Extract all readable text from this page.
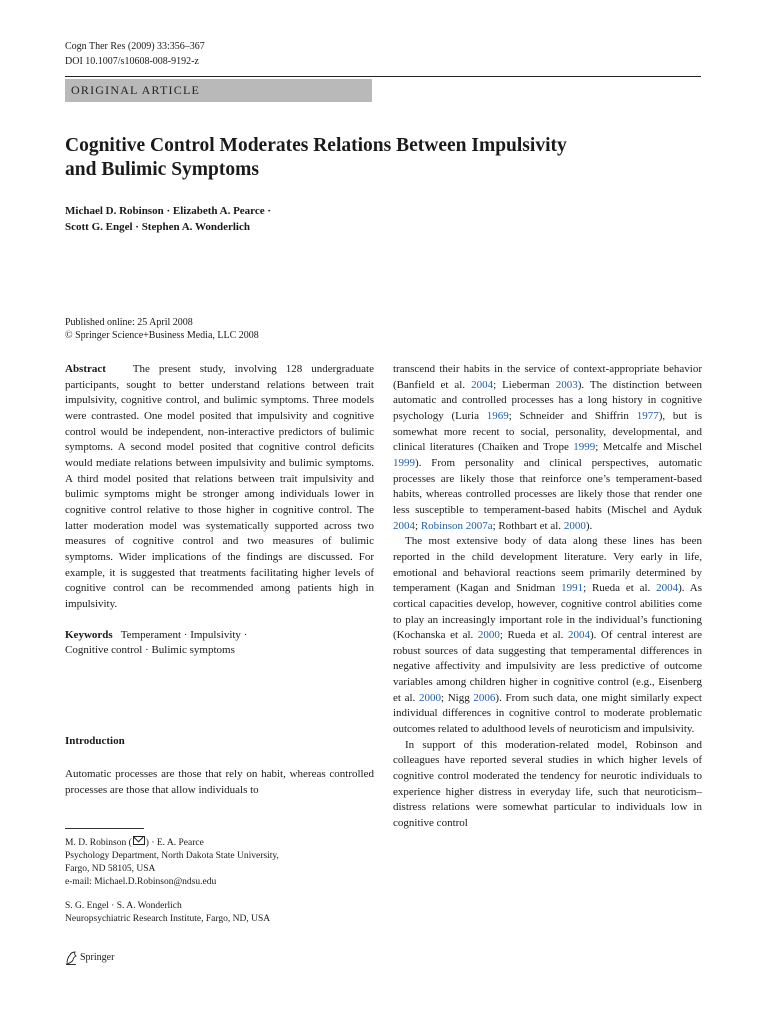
Cogn Ther Res (2009) 33:356–367

DOI 10.1007/s10608-008-9192-z

ORIGINAL ARTICLE
Cognitive Control Moderates Relations Between Impulsivity
and Bulimic Symptoms

Michael D. Robinson · Elizabeth A. Pearce ·
Scott G. Engel · Stephen A. Wonderlich

Published online: 25 April 2008
© Springer Science+Business Media, LLC 2008

Abstract The present study, involving 128 undergraduate participants, sought to better understand relations between trait impulsivity, cognitive control, and bulimic symptoms. Three models were contrasted. One model posited that impulsivity and cognitive control would be independent, non-interactive predictors of bulimic symptoms. A second model posited that cognitive control deficits would mediate relations between impulsivity and bulimic symptoms. A third model posited that relations between trait impulsivity and bulimic symptoms might be stronger among individuals lower in cognitive control relative to those higher in cognitive control. The latter moderation model was systematically supported across two measures of cognitive control and two measures of bulimic symptoms. Wider implications of the findings are discussed. For example, it is suggested that treatments facilitating higher levels of cognitive control can be recommended among patients high in impulsivity.

Keywords Temperament · Impulsivity ·
Cognitive control · Bulimic symptoms

Introduction

Automatic processes are those that rely on habit, whereas controlled processes are those that allow individuals to

M. D. Robinson ( ) · E. A. Pearce
Psychology Department, North Dakota State University,
Fargo, ND 58105, USA
e-mail: Michael.D.Robinson@ndsu.edu

S. G. Engel · S. A. Wonderlich
Neuropsychiatric Research Institute, Fargo, ND, USA

transcend their habits in the service of context-appropriate behavior (Banfield et al. 2004; Lieberman 2003). The distinction between automatic and controlled processes has a long history in cognitive psychology (Luria 1969; Schneider and Shiffrin 1977), but is somewhat more recent to social, personality, developmental, and clinical literatures (Chaiken and Trope 1999; Metcalfe and Mischel 1999). From personality and clinical perspectives, automatic processes are likely those that reinforce one’s temperament-based habits, whereas controlled processes are likely those that render one less susceptible to temperament-based habits (Mischel and Ayduk 2004; Robinson 2007a; Rothbart et al. 2000).

The most extensive body of data along these lines has been reported in the child development literature. Very early in life, emotional and behavioral reactions seem primarily determined by temperament (Kagan and Snidman 1991; Rueda et al. 2004). As cortical capacities develop, however, cognitive control abilities come to play an increasingly important role in the individual’s functioning (Kochanska et al. 2000; Rueda et al. 2004). Of central interest are robust sources of data suggesting that temperamental differences in negative affectivity and impulsivity are less predictive of outcome variables among children higher in cognitive control (e.g., Eisenberg et al. 2000; Nigg 2006). From such data, one might similarly expect individual differences in cognitive control to moderate problematic outcomes related to adulthood levels of neuroticism and impulsivity.

In support of this moderation-related model, Robinson and colleagues have reported several studies in which higher levels of cognitive control moderated the tendency for neurotic individuals to experience higher distress in everyday life, such that neuroticism–distress relations were somewhat particular to individuals low in cognitive control

Springer
